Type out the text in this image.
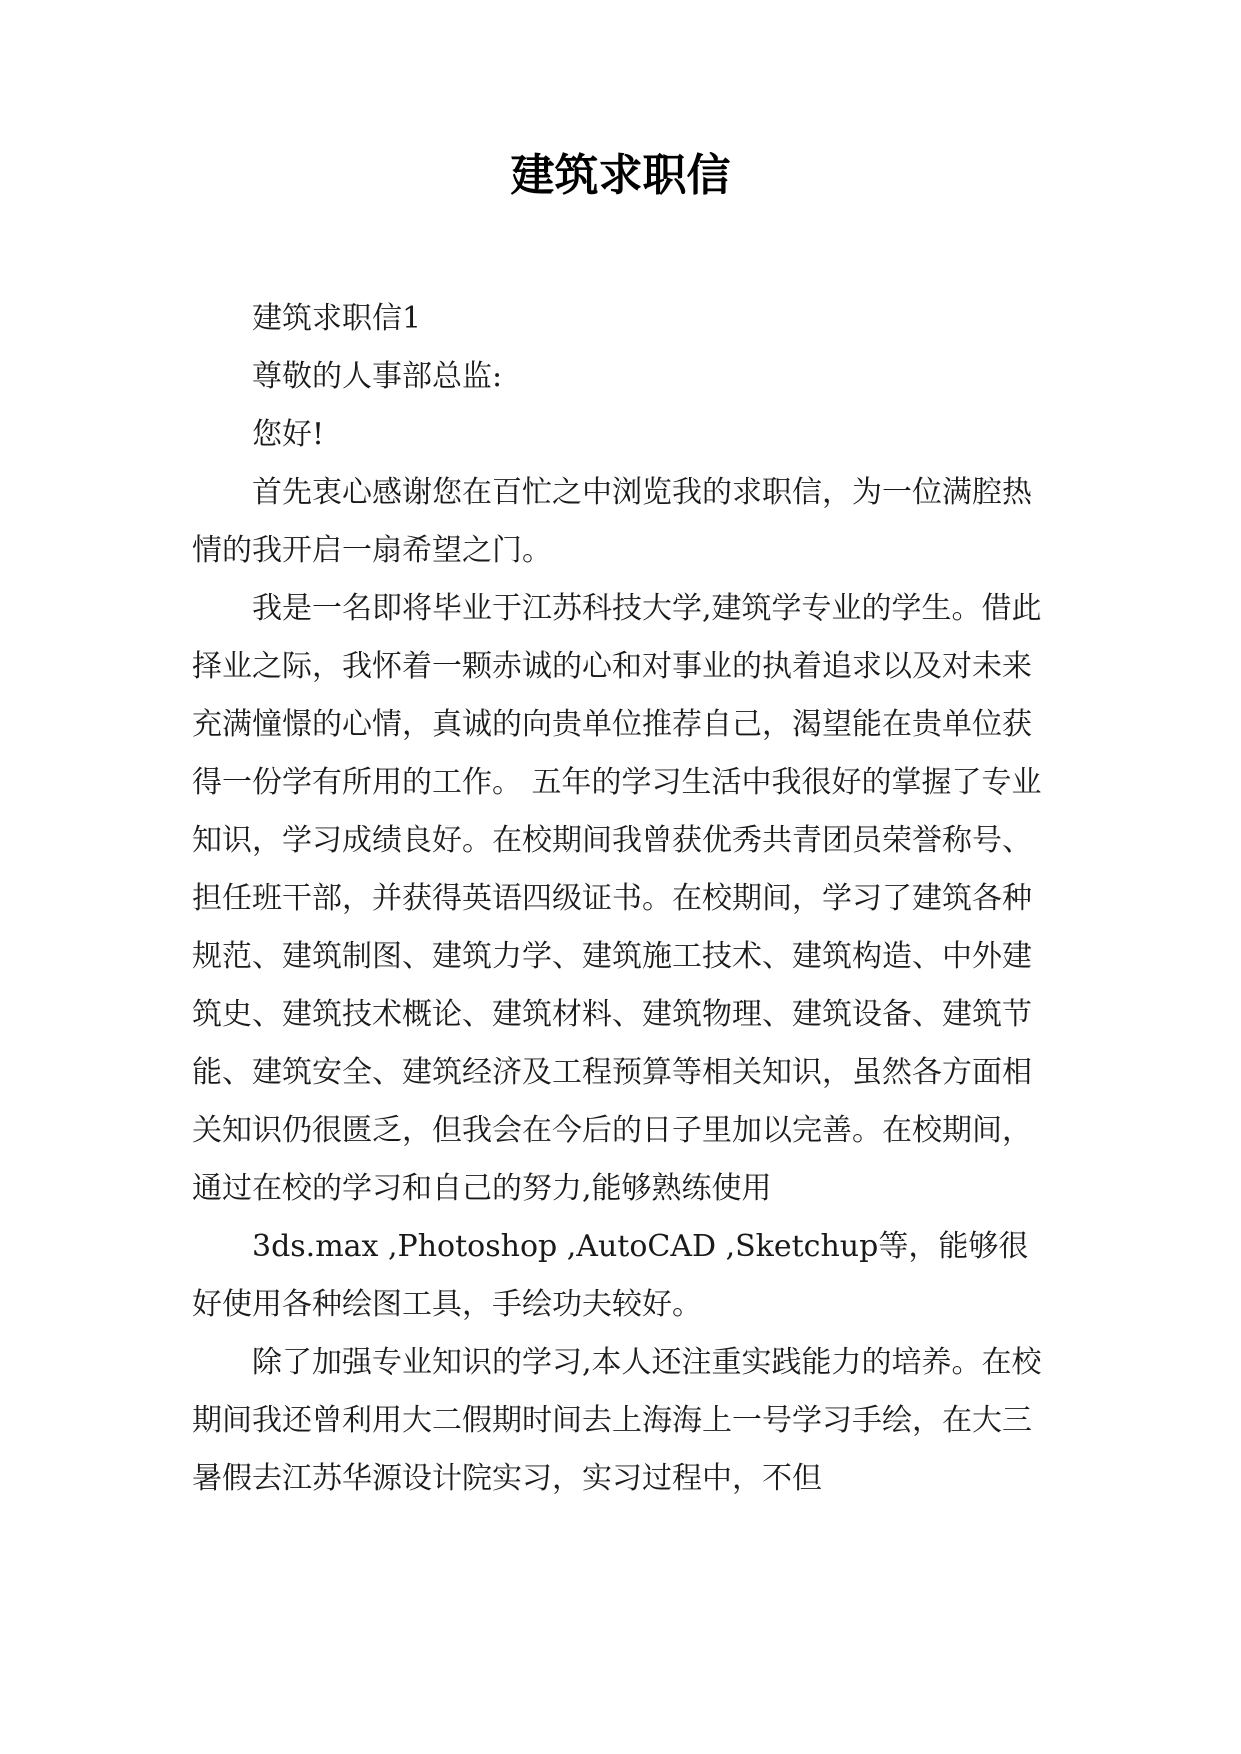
建筑求职信

建筑求职信1

尊敬的人事部总监:

您好!

首先衷心感谢您在百忙之中浏览我的求职信，为一位满腔热情的我开启一扇希望之门。

我是一名即将毕业于江苏科技大学,建筑学专业的学生。借此择业之际，我怀着一颗赤诚的心和对事业的执着追求以及对未来充满憧憬的心情，真诚的向贵单位推荐自己，渴望能在贵单位获得一份学有所用的工作。 五年的学习生活中我很好的掌握了专业知识，学习成绩良好。在校期间我曾获优秀共青团员荣誉称号、担任班干部，并获得英语四级证书。在校期间，学习了建筑各种规范、建筑制图、建筑力学、建筑施工技术、建筑构造、中外建筑史、建筑技术概论、建筑材料、建筑物理、建筑设备、建筑节能、建筑安全、建筑经济及工程预算等相关知识，虽然各方面相关知识仍很匮乏，但我会在今后的日子里加以完善。在校期间，通过在校的学习和自己的努力,能够熟练使用

3ds.max ,Photoshop ,AutoCAD ,Sketchup等，能够很好使用各种绘图工具，手绘功夫较好。

除了加强专业知识的学习,本人还注重实践能力的培养。在校期间我还曾利用大二假期时间去上海海上一号学习手绘，在大三暑假去江苏华源设计院实习，实习过程中，不但
